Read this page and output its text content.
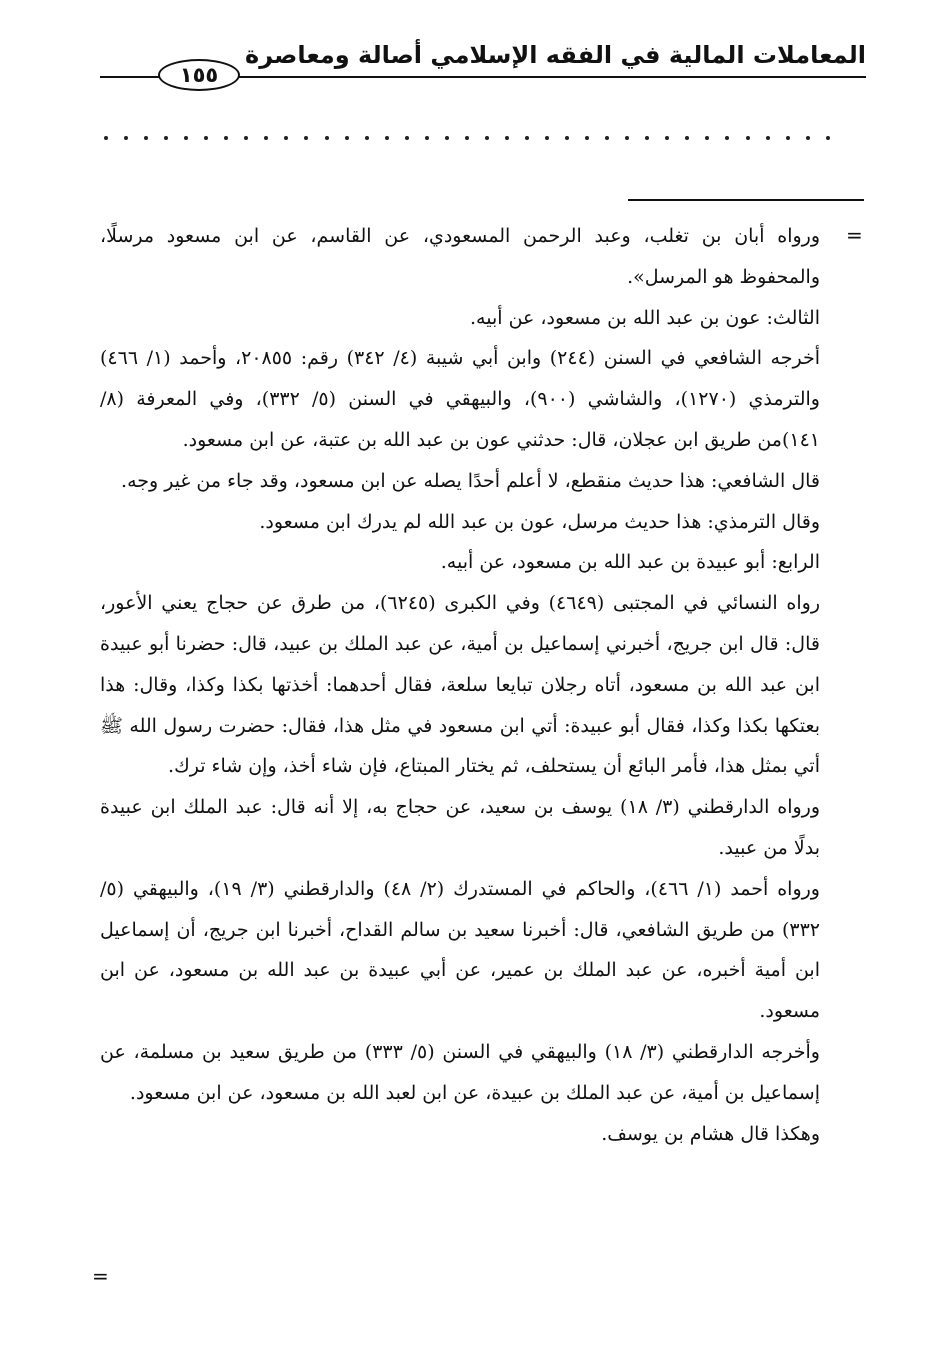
المعاملات المالية في الفقه الإسلامي أصالة ومعاصرة
١٥٥
=
=

ورواه أبان بن تغلب، وعبد الرحمن المسعودي، عن القاسم، عن ابن مسعود مرسلًا، والمحفوظ هو المرسل».

الثالث: عون بن عبد الله بن مسعود، عن أبيه.

أخرجه الشافعي في السنن (٢٤٤) وابن أبي شيبة (٤/ ٣٤٢) رقم: ٢٠٨٥٥، وأحمد (١/ ٤٦٦) والترمذي (١٢٧٠)، والشاشي (٩٠٠)، والبيهقي في السنن (٥/ ٣٣٢)، وفي المعرفة (٨/ ١٤١)من طريق ابن عجلان، قال: حدثني عون بن عبد الله بن عتبة، عن ابن مسعود.

قال الشافعي: هذا حديث منقطع، لا أعلم أحدًا يصله عن ابن مسعود، وقد جاء من غير وجه.

وقال الترمذي: هذا حديث مرسل، عون بن عبد الله لم يدرك ابن مسعود.

الرابع: أبو عبيدة بن عبد الله بن مسعود، عن أبيه.

رواه النسائي في المجتبى (٤٦٤٩) وفي الكبرى (٦٢٤٥)، من طرق عن حجاج يعني الأعور، قال: قال ابن جريج، أخبرني إسماعيل بن أمية، عن عبد الملك بن عبيد، قال: حضرنا أبو عبيدة ابن عبد الله بن مسعود، أتاه رجلان تبايعا سلعة، فقال أحدهما: أخذتها بكذا وكذا، وقال: هذا بعتكها بكذا وكذا، فقال أبو عبيدة: أتي ابن مسعود في مثل هذا، فقال: حضرت رسول الله ﷺ أتي بمثل هذا، فأمر البائع أن يستحلف، ثم يختار المبتاع، فإن شاء أخذ، وإن شاء ترك.

ورواه الدارقطني (٣/ ١٨) يوسف بن سعيد، عن حجاج به، إلا أنه قال: عبد الملك ابن عبيدة بدلًا من عبيد.

ورواه أحمد (١/ ٤٦٦)، والحاكم في المستدرك (٢/ ٤٨) والدارقطني (٣/ ١٩)، والبيهقي (٥/ ٣٣٢) من طريق الشافعي، قال: أخبرنا سعيد بن سالم القداح، أخبرنا ابن جريج، أن إسماعيل ابن أمية أخبره، عن عبد الملك بن عمير، عن أبي عبيدة بن عبد الله بن مسعود، عن ابن مسعود.

وأخرجه الدارقطني (٣/ ١٨) والبيهقي في السنن (٥/ ٣٣٣) من طريق سعيد بن مسلمة، عن إسماعيل بن أمية، عن عبد الملك بن عبيدة، عن ابن لعبد الله بن مسعود، عن ابن مسعود.

وهكذا قال هشام بن يوسف.
